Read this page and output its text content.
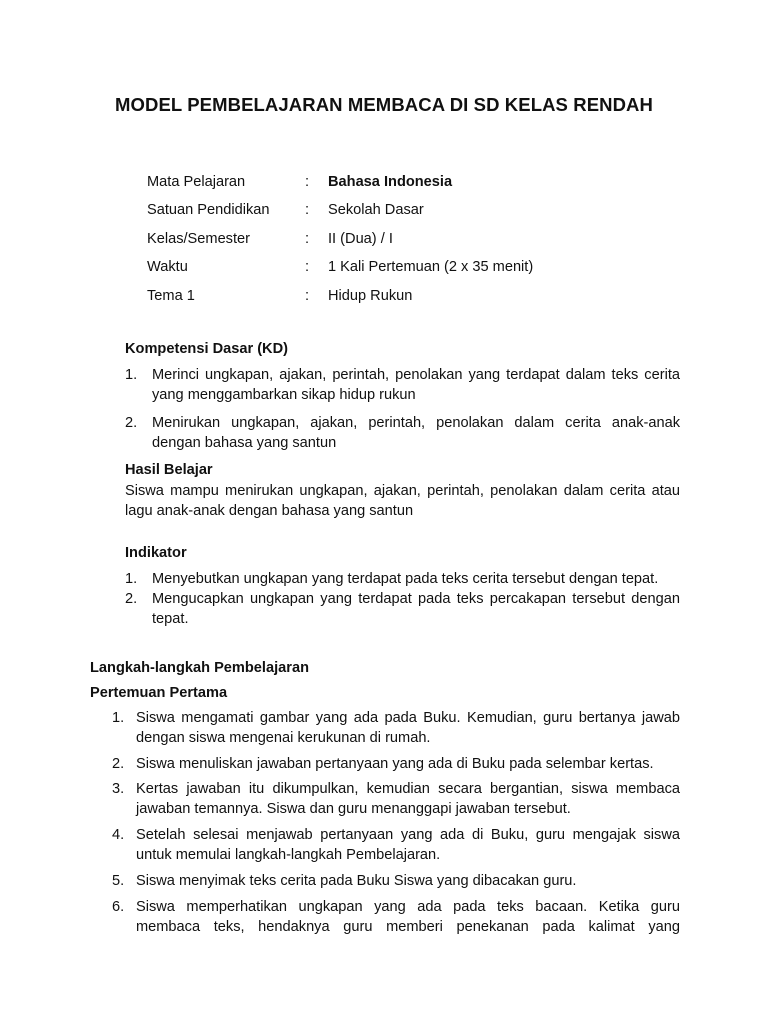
MODEL PEMBELAJARAN MEMBACA DI SD KELAS RENDAH
Mata Pelajaran	: Bahasa Indonesia
Satuan Pendidikan : Sekolah Dasar
Kelas/Semester	: II (Dua) / I
Waktu	: 1 Kali Pertemuan (2 x 35 menit)
Tema 1	: Hidup Rukun
Kompetensi Dasar (KD)
1. Merinci ungkapan, ajakan, perintah, penolakan yang terdapat dalam teks cerita yang menggambarkan sikap hidup rukun
2. Menirukan ungkapan, ajakan, perintah, penolakan dalam cerita anak-anak dengan bahasa yang santun
Hasil Belajar
Siswa mampu menirukan ungkapan, ajakan, perintah, penolakan dalam cerita atau lagu anak-anak dengan bahasa yang santun
Indikator
1. Menyebutkan ungkapan yang terdapat pada teks cerita tersebut dengan tepat.
2. Mengucapkan ungkapan yang terdapat pada teks percakapan tersebut dengan tepat.
Langkah-langkah Pembelajaran
Pertemuan Pertama
1. Siswa mengamati gambar yang ada pada Buku. Kemudian, guru bertanya jawab dengan siswa mengenai kerukunan di rumah.
2. Siswa menuliskan jawaban pertanyaan yang ada di Buku pada selembar kertas.
3. Kertas jawaban itu dikumpulkan, kemudian secara bergantian, siswa membaca jawaban temannya. Siswa dan guru menanggapi jawaban tersebut.
4. Setelah selesai menjawab pertanyaan yang ada di Buku, guru mengajak siswa untuk memulai langkah-langkah Pembelajaran.
5. Siswa menyimak teks cerita pada Buku Siswa yang dibacakan guru.
6. Siswa memperhatikan ungkapan yang ada pada teks bacaan. Ketika guru membaca teks, hendaknya guru memberi penekanan pada kalimat yang
